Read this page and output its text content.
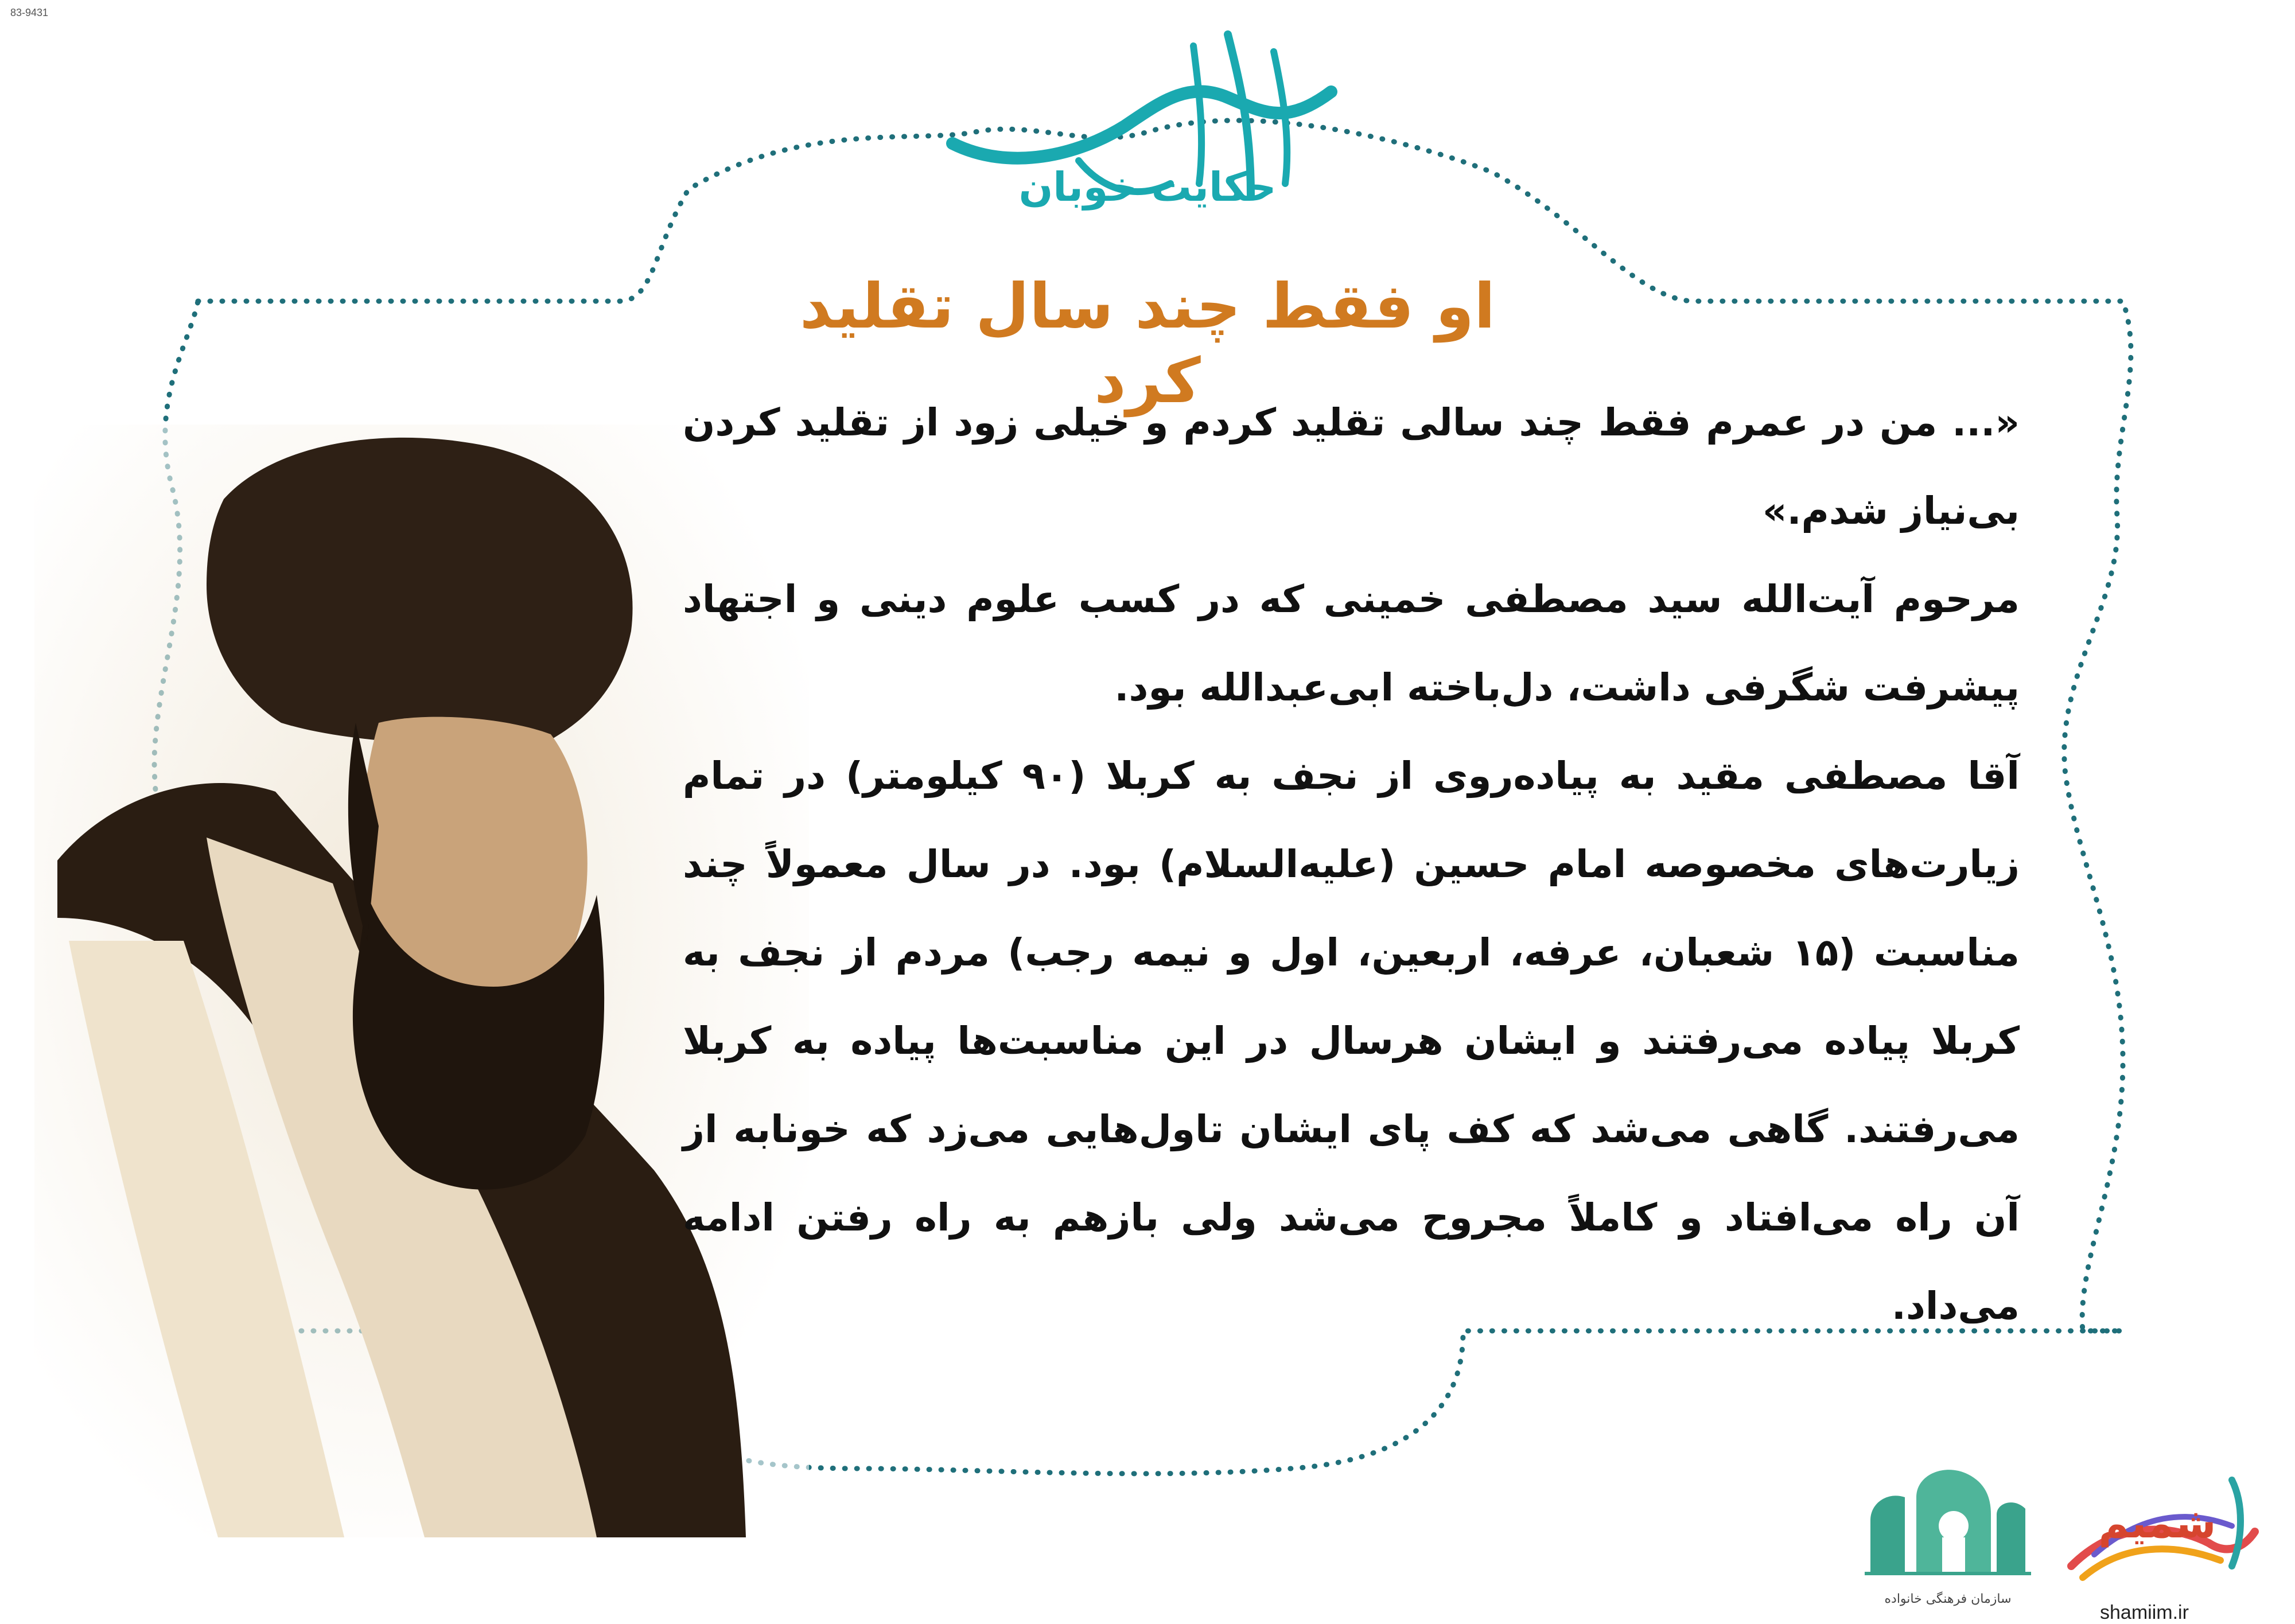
83-9431
حکایت خوبان
او فقط چند سال تقلید کرد

«... من در عمرم فقط چند سالی تقلید کردم و خیلی زود از تقلید کردن بی‌نیاز شدم.»

مرحوم آیت‌الله سید مصطفی خمینی که در کسب علوم دینی و اجتهاد پیشرفت شگرفی داشت، دل‌باخته ابی‌عبدالله بود.

آقا مصطفی مقید به پیاده‌روی از نجف به کربلا (۹۰ کیلومتر) در تمام زیارت‌های مخصوصه امام حسین (علیه‌السلام) بود. در سال معمولاً چند مناسبت (۱۵ شعبان، عرفه، اربعین، اول و نیمه رجب) مردم از نجف به کربلا پیاده می‌رفتند و ایشان هرسال در این مناسبت‌ها پیاده به کربلا می‌رفتند. گاهی می‌شد که کف پای ایشان تاول‌هایی می‌زد که خونابه از آن راه می‌افتاد و کاملاً مجروح می‌شد ولی بازهم به راه رفتن ادامه می‌داد.

سازمان فرهنگی خانواده
شمیم
shamiim.ir
